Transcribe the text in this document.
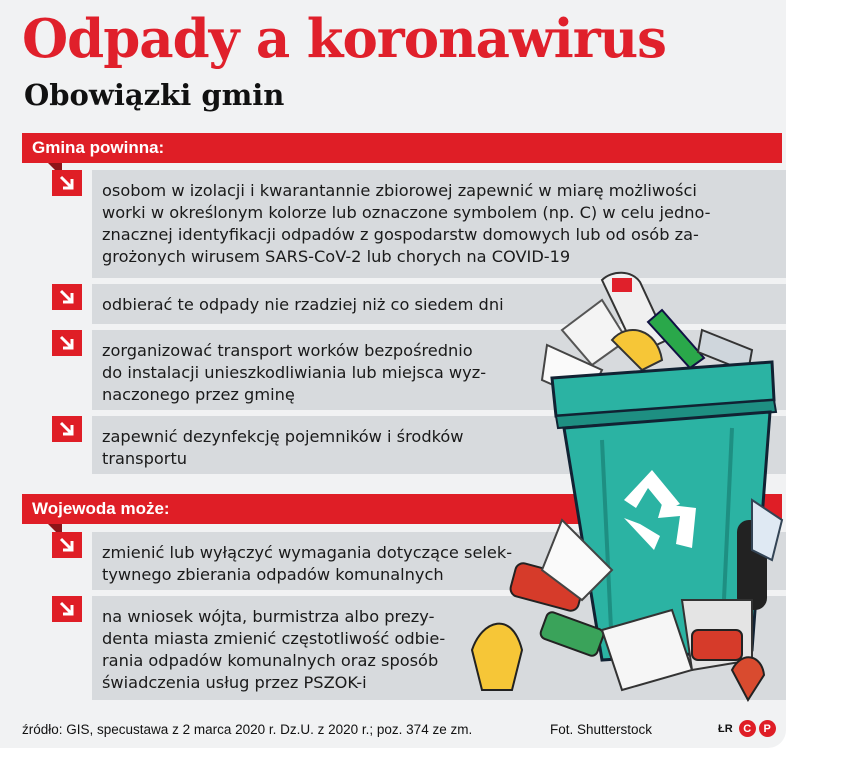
Odpady a koronawirus
Obowiązki gmin
Gmina powinna:
osobom w izolacji i kwarantannie zbiorowej zapewnić w miarę możliwości
worki w określonym kolorze lub oznaczone symbolem (np. C) w celu jedno-
znacznej identyfikacji odpadów z gospodarstw domowych lub od osób za-
grożonych wirusem SARS-CoV-2 lub chorych na COVID-19
odbierać te odpady nie rzadziej niż co siedem dni
zorganizować transport worków bezpośrednio
do instalacji unieszkodliwiania lub miejsca wyz-
naczonego przez gminę
zapewnić dezynfekcję pojemników i środków
transportu
Wojewoda może:
zmienić lub wyłączyć wymagania dotyczące selek-
tywnego zbierania odpadów komunalnych
na wniosek wójta, burmistrza albo prezy-
denta miasta zmienić częstotliwość odbie-
rania odpadów komunalnych oraz sposób
świadczenia usług przez PSZOK-i
źródło: GIS, specustawa z 2 marca 2020 r. Dz.U. z 2020 r.; poz. 374 ze zm.	Fot. Shutterstock	ŁR C	P
